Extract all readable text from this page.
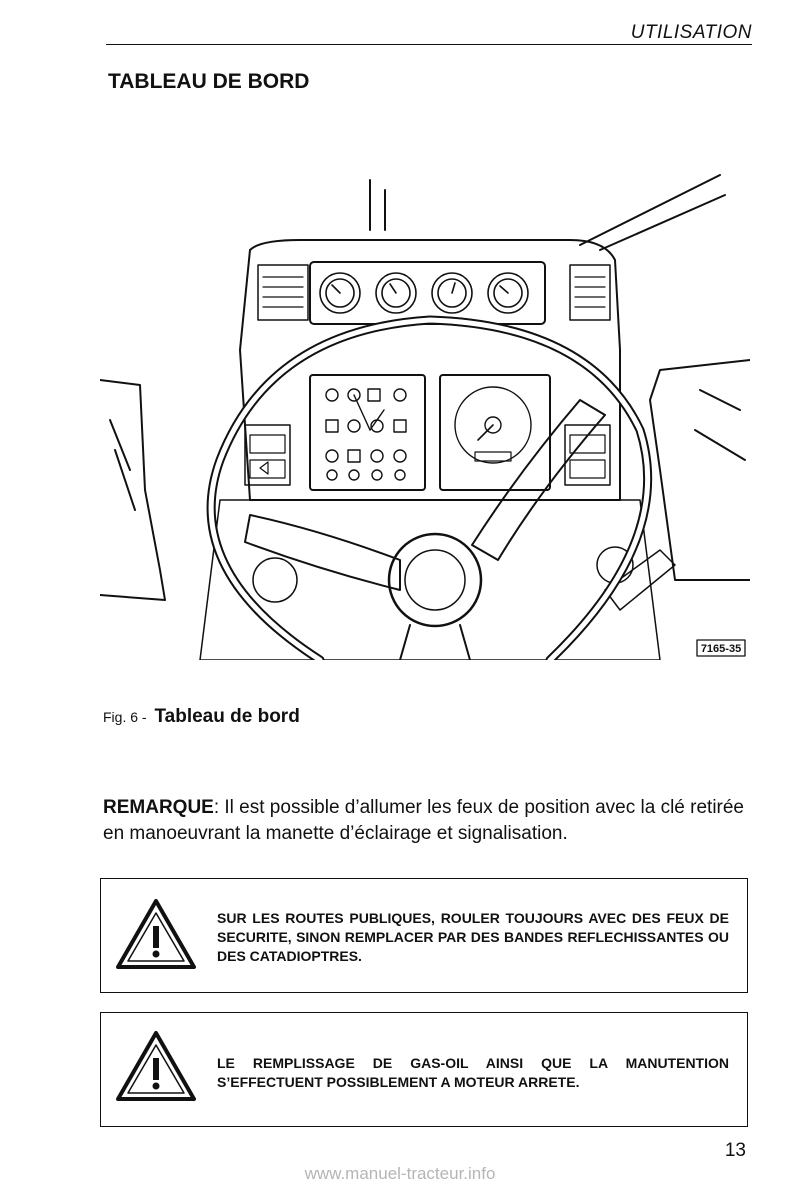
UTILISATION
TABLEAU DE BORD
7165-35
Fig. 6 - Tableau de bord
REMARQUE: Il est possible d’allumer les feux de position avec la clé retirée en manoeuvrant la manette d’éclairage et signalisation.
SUR LES ROUTES PUBLIQUES, ROULER TOUJOURS AVEC DES FEUX DE SECURITE, SINON REMPLACER PAR DES BANDES REFLECHISSANTES OU DES CATADIOPTRES.
LE REMPLISSAGE DE GAS-OIL AINSI QUE LA MANUTENTION S’EFFECTUENT POSSIBLEMENT A MOTEUR ARRETE.
13
www.manuel-tracteur.info
